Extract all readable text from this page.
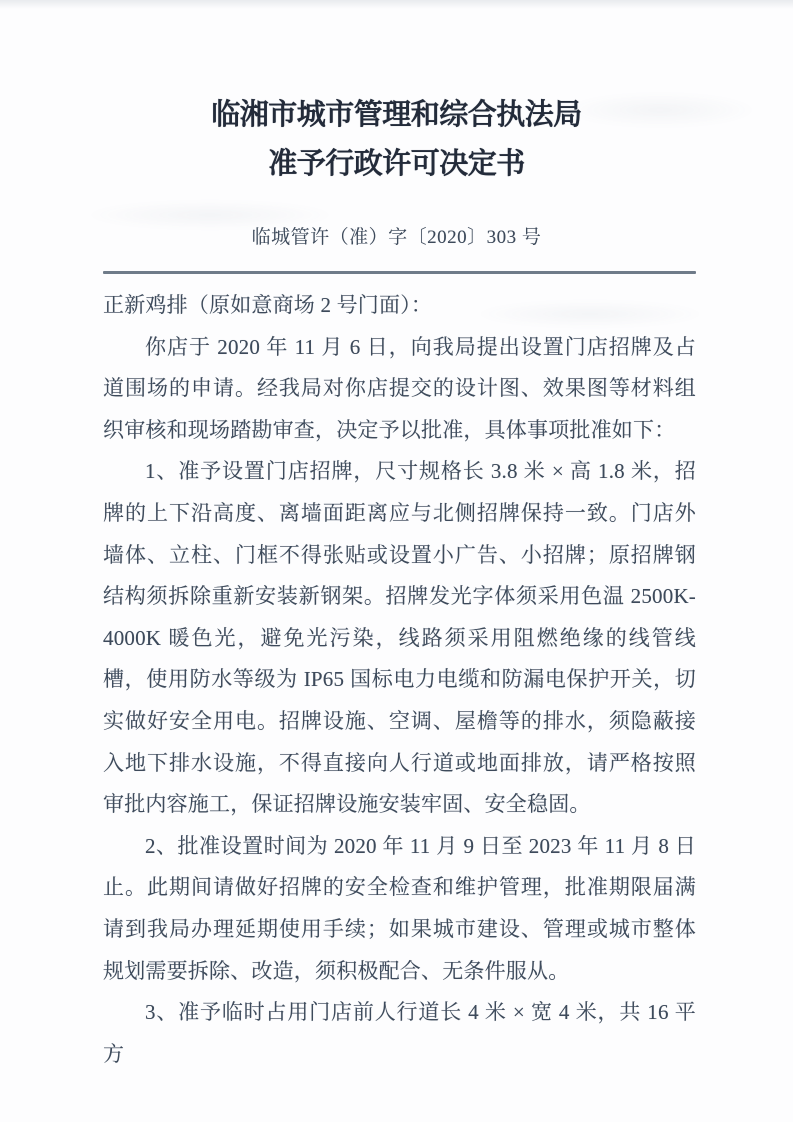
临湘市城市管理和综合执法局
准予行政许可决定书
临城管许（准）字〔2020〕303 号

正新鸡排（原如意商场 2 号门面）：

你店于 2020 年 11 月 6 日，向我局提出设置门店招牌及占道围场的申请。经我局对你店提交的设计图、效果图等材料组织审核和现场踏勘审查，决定予以批准，具体事项批准如下：

1、准予设置门店招牌，尺寸规格长 3.8 米 × 高 1.8 米，招牌的上下沿高度、离墙面距离应与北侧招牌保持一致。门店外墙体、立柱、门框不得张贴或设置小广告、小招牌；原招牌钢结构须拆除重新安装新钢架。招牌发光字体须采用色温 2500K-4000K 暖色光，避免光污染，线路须采用阻燃绝缘的线管线槽，使用防水等级为 IP65 国标电力电缆和防漏电保护开关，切实做好安全用电。招牌设施、空调、屋檐等的排水，须隐蔽接入地下排水设施，不得直接向人行道或地面排放，请严格按照审批内容施工，保证招牌设施安装牢固、安全稳固。

2、批准设置时间为 2020 年 11 月 9 日至 2023 年 11 月 8 日止。此期间请做好招牌的安全检查和维护管理，批准期限届满请到我局办理延期使用手续；如果城市建设、管理或城市整体规划需要拆除、改造，须积极配合、无条件服从。

3、准予临时占用门店前人行道长 4 米 × 宽 4 米，共 16 平方
